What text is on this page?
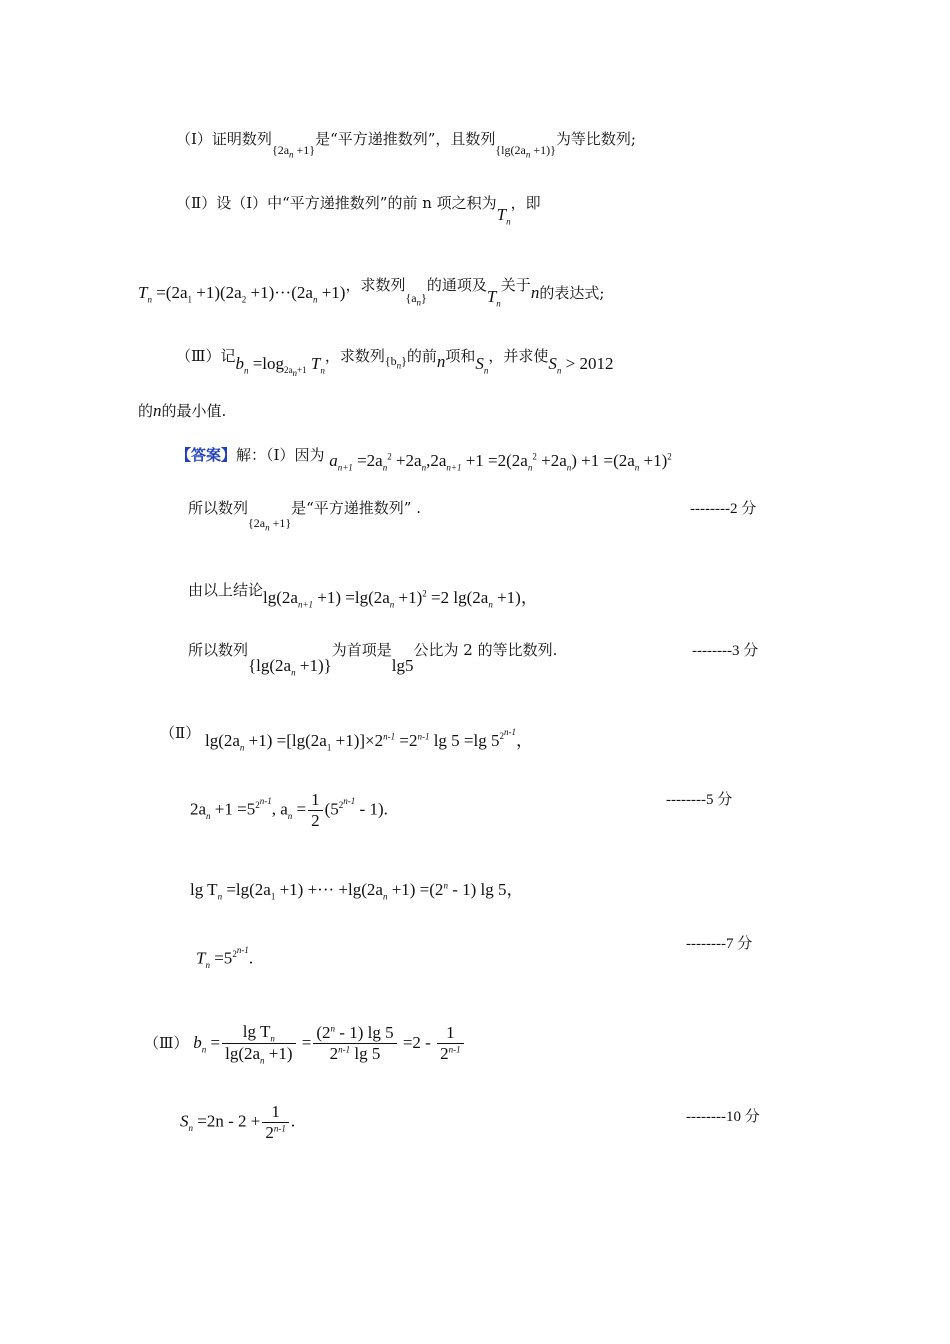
（Ⅰ）证明数列$_{\{2a_n +1\}}$是“平方递推数列”，且数列$_{\{lg(2a_n +1)\}}$为等比数列;
（Ⅱ）设（Ⅰ）中“平方递推数列”的前 n 项之积为$T_n$，即
$T_n =(2a_1 +1)(2a_2 +1)\cdot\cdot\cdot(2a_n +1)$，求数列$_{\{a_n\}}$的通项及$T_n$关于n的表达式;
（Ⅲ）记$b_n =\log_{2a_n+1}$ $T_n$，求数列$_{\{b_n\}}$的前n项和$S_n$，并求使$S_n > 2012$
的n的最小值.
【答案】解：（Ⅰ）因为 $a_{n+1} =2a_n^2 +2a_n,2a_{n+1} +1 =2(2a_n^2 +2a_n) +1 =(2a_n +1)^2$
所以数列$_{\{2a_n +1\}}$是“平方递推数列” .	--------2 分
由以上结论$\lg(2a_{n+1} +1) =\lg(2a_n +1)^2 =2$ $\lg(2a_n +1)$，
所以数列$\{\lg(2a_n +1)\}$为首项是lg5公比为 2 的等比数列.	--------3 分
（Ⅱ） $\lg(2a_n +1) =[\lg(2a_1 +1)]\times 2^{n-1} =2^{n-1}$ lg 5 =lg $5^{2^{n-1}}$，
$2a_n +1 =5^{2^{n-1}}$, $a_n = \frac{1}{2} (5^{2^{n-1}} - 1)$.	--------5 分
$\lg T_n =\lg(2a_1 +1)$ +··· $+\lg(2a_n +1) =(2^n - 1)$ lg 5，
$T_n =5^{2^{n-1}}$.
--------7 分
（Ⅲ） $b_n = \frac{\lg T_n}{\lg(2a_n +1)} = \frac{(2^n - 1) \lg 5}{2^{n-1} \lg 5} =2 - \frac{1}{2^{n-1}}$
$S_n =2n - 2 + \frac{1}{2^{n-1}}$ .	--------10 分
